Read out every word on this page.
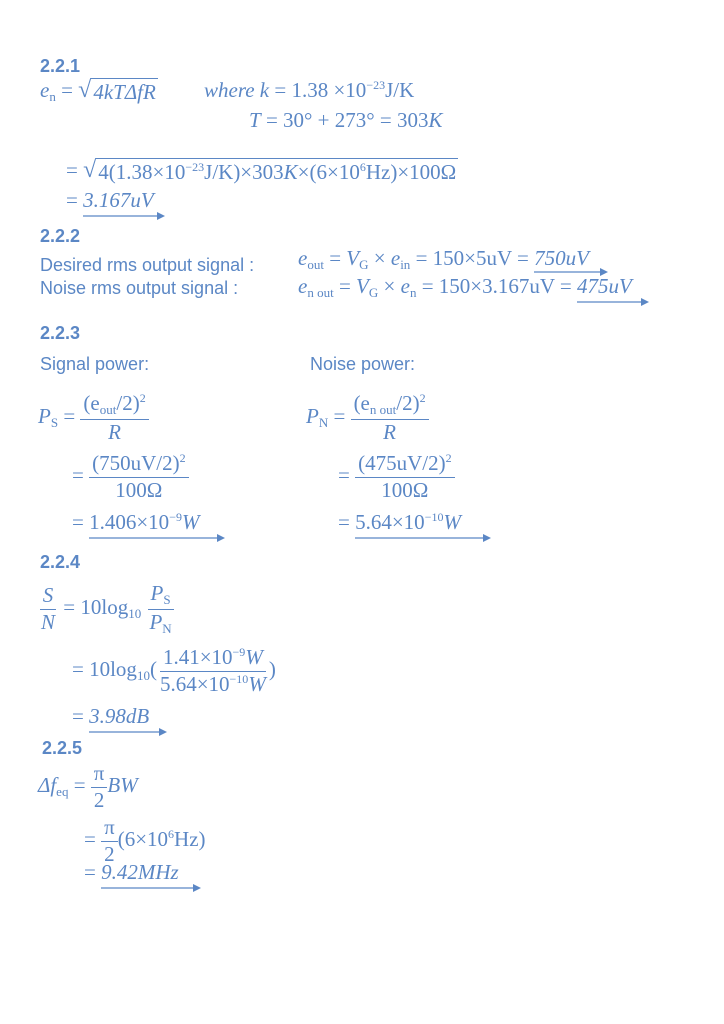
2.2.1
$e_n$ = √ 4kTΔfR where $k = 1.38 \times 10^{-23}J/K$
T = 30° + 273° = 303K
= √ $4(1.38\times 10^{-23}J/K)\times 303K\times(6\times 10^6Hz)\times 100\Omega$
= 3.167uV
2.2.2
Desired rms output signal : $e_{out} = V_G \times e_{in} = 150\times 5uV = 750uV$
Noise rms output signal :	$e_{n out} = V_G \times e_n = 150\times 3.167uV = 475uV$
2.2.3
Signal power:	Noise power:
$P_S = \frac{(e_{out}/2)^2}{R}$
= $\frac{(750uV/2)^2}{100\Omega}$
= $1.406\times 10^{-9}W$
$P_N = \frac{(e_{n out}/2)^2}{R}$
= $\frac{(475uV/2)^2}{100\Omega}$
= $5.64\times 10^{-10}W$
2.2.4
$\frac{S}{N} = 10\log_{10} \frac{P_S}{P_N}$
= $10\log_{10}( \frac{1.41\times 10^{-9}W}{5.64\times 10^{-10}W}$ )
= 3.98dB
2.2.5
$\Delta f_{eq} = \frac{\pi}{2}$ BW
= $\frac{\pi}{2} (6\times 10^6Hz)$
= 9.42MHz
